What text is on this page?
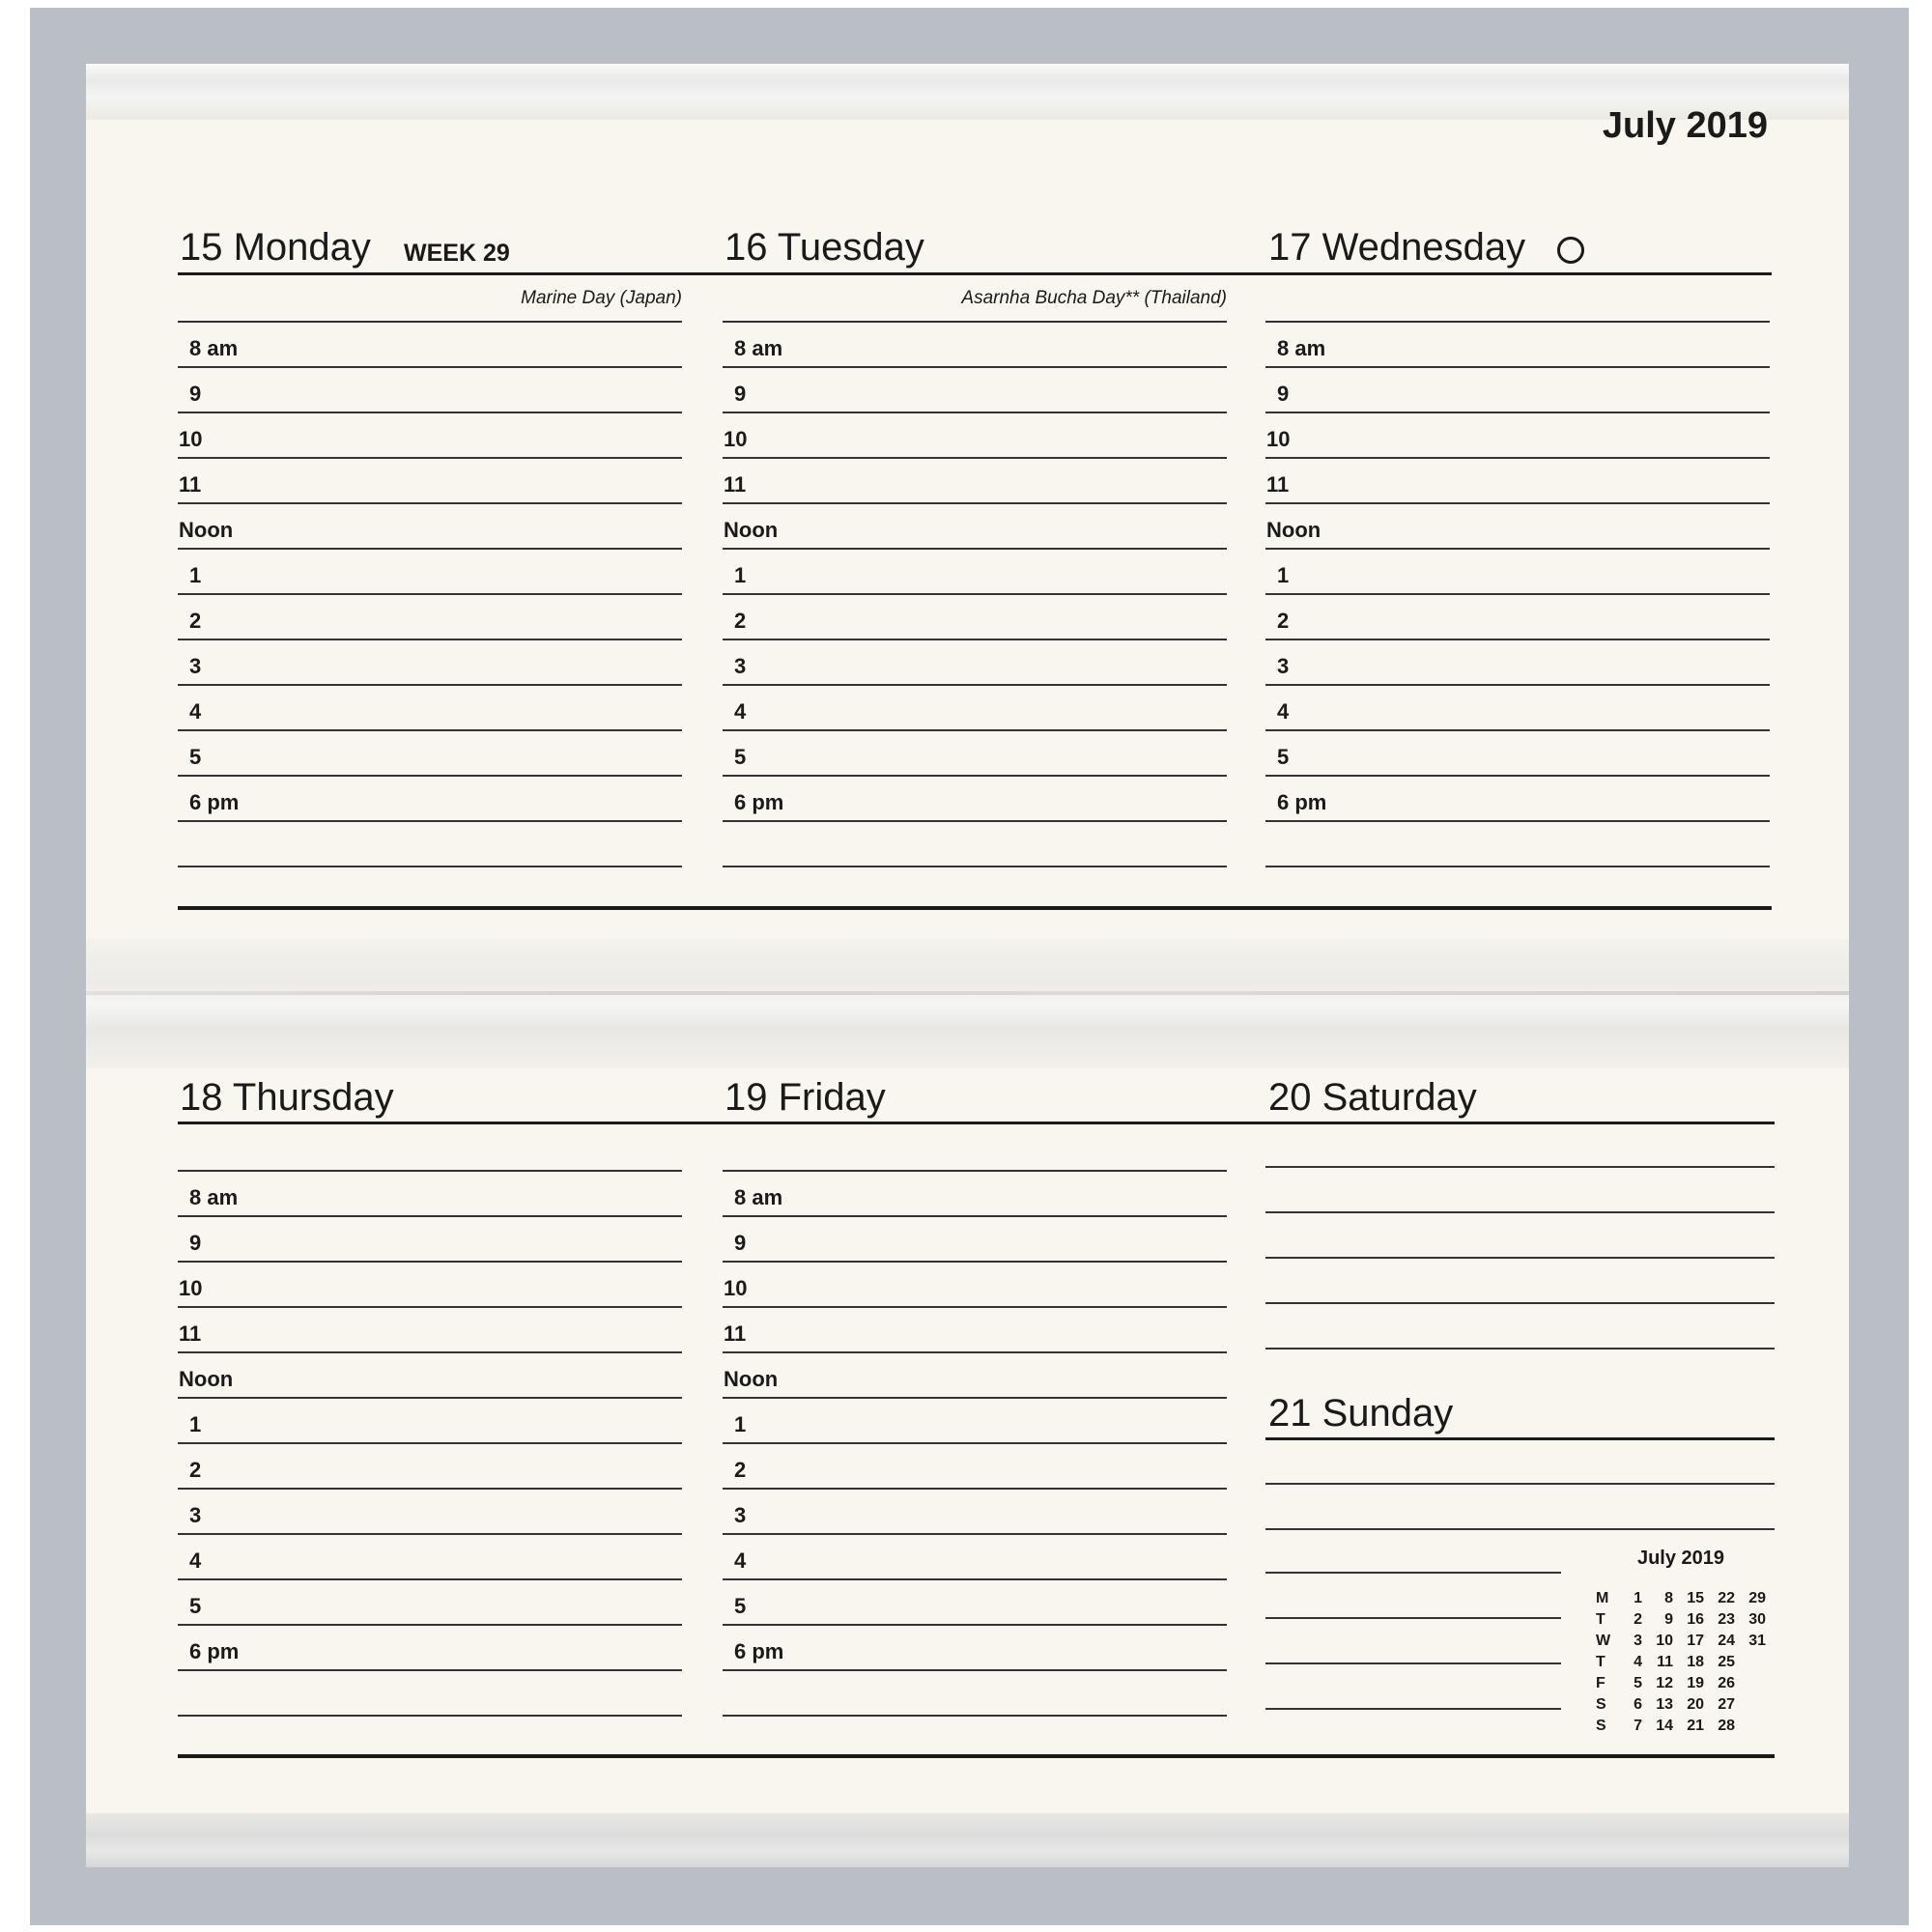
July 2019
15 Monday WEEK 29	16 Tuesday	17 Wednesday
Marine Day (Japan)
8 am
9
10
11
Noon
1
2
3
4
5
6 pm
Asarnha Bucha Day** (Thailand)
8 am
9
10
11
Noon
1
2
3
4
5
6 pm
8 am
9
10
11
Noon
1
2
3
4
5
6 pm
18 Thursday	19 Friday	20 Saturday
8 am
9
10
11
Noon
1
2
3
4
5
6 pm
8 am
9
10
11
Noon
1
2
3
4
5
6 pm
21 Sunday
July 2019
M	1	8 15 22 29
T	2	9 16 23 30
W	3 10 17 24 31
T	4 11 18 25
F	5 12 19 26
S	6 13 20 27
S	7 14 21 28
